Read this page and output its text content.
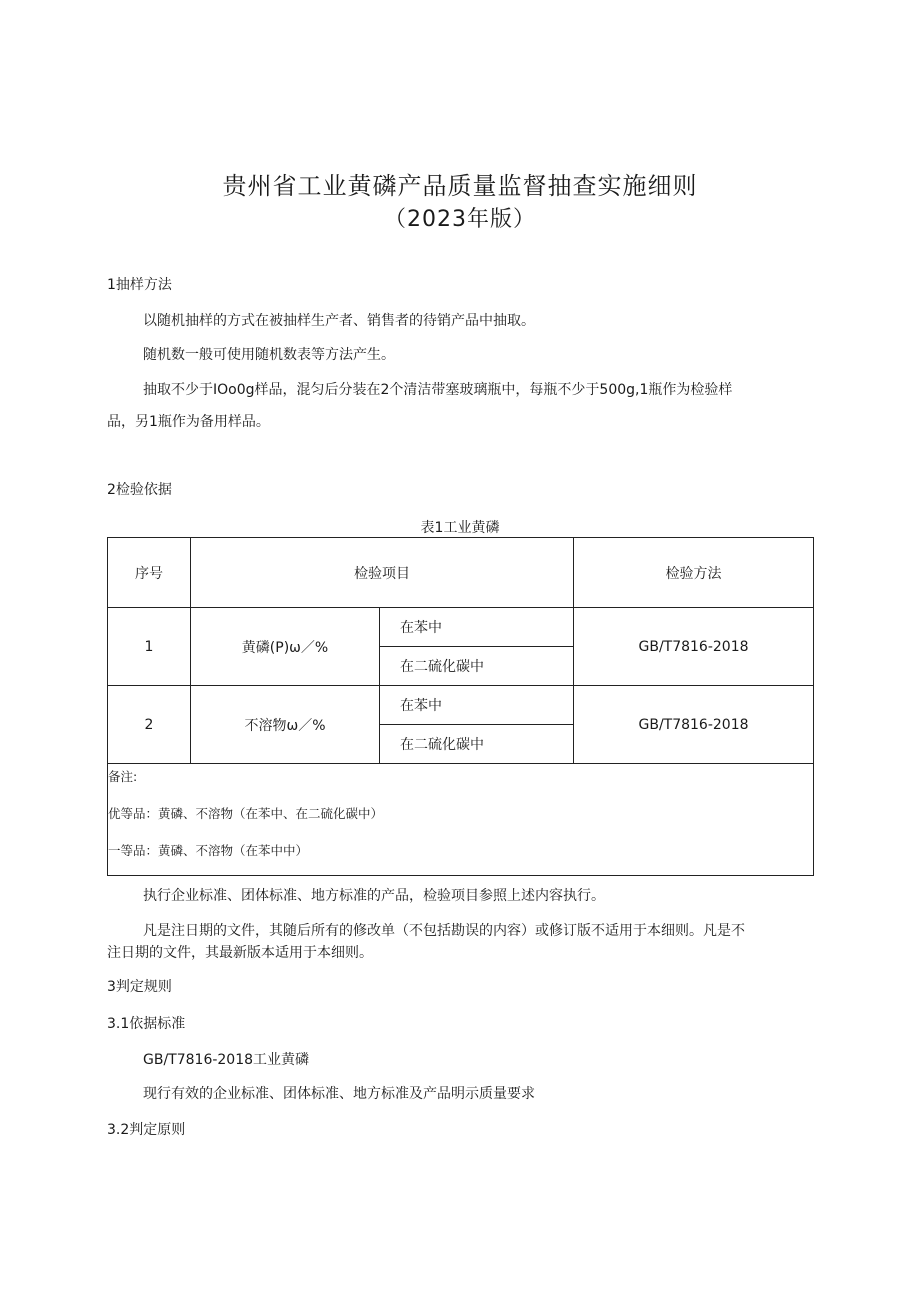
贵州省工业黄磷产品质量监督抽查实施细则
（2023年版）
1抽样方法
以随机抽样的方式在被抽样生产者、销售者的待销产品中抽取。
随机数一般可使用随机数表等方法产生。
抽取不少于IOo0g样品，混匀后分装在2个清洁带塞玻璃瓶中，每瓶不少于500g,1瓶作为检验样
品，另1瓶作为备用样品。
2检验依据
表1工业黄磷
序号	检验项目		检验方法
1	黄磷(P)ω／%	在苯中	GB/T7816-2018
		在二硫化碳中	
2	不溶物ω／%	在苯中	GB/T7816-2018
		在二硫化碳中	

备注:
优等品：黄磷、不溶物（在苯中、在二硫化碳中）
一等品：黄磷、不溶物（在苯中中）			
执行企业标准、团体标准、地方标准的产品，检验项目参照上述内容执行。
凡是注日期的文件，其随后所有的修改单（不包括勘误的内容）或修订版不适用于本细则。凡是不
注日期的文件，其最新版本适用于本细则。
3判定规则
3.1依据标准
GB/T7816-2018工业黄磷
现行有效的企业标准、团体标准、地方标准及产品明示质量要求
3.2判定原则
